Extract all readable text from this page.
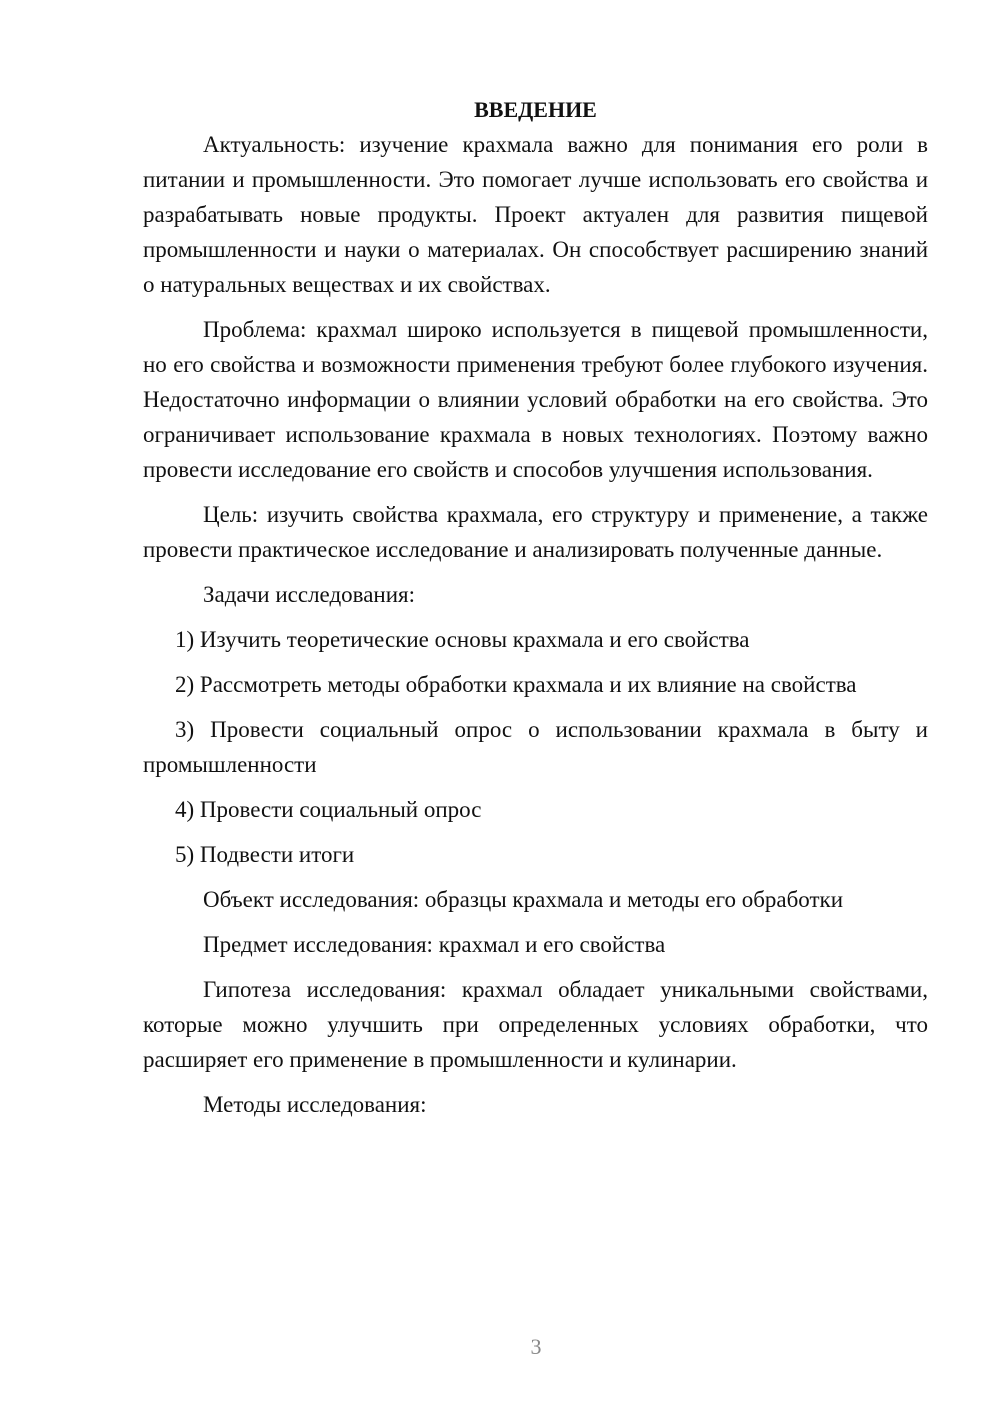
ВВЕДЕНИЕ

Актуальность: изучение крахмала важно для понимания его роли в питании и промышленности. Это помогает лучше использовать его свойства и разрабатывать новые продукты. Проект актуален для развития пищевой промышленности и науки о материалах. Он способствует расширению знаний о натуральных веществах и их свойствах.

Проблема: крахмал широко используется в пищевой промышленности, но его свойства и возможности применения требуют более глубокого изучения. Недостаточно информации о влиянии условий обработки на его свойства. Это ограничивает использование крахмала в новых технологиях. Поэтому важно провести исследование его свойств и способов улучшения использования.

Цель: изучить свойства крахмала, его структуру и применение, а также провести практическое исследование и анализировать полученные данные.

Задачи исследования:

1) Изучить теоретические основы крахмала и его свойства

2) Рассмотреть методы обработки крахмала и их влияние на свойства

3) Провести социальный опрос о использовании крахмала в быту и промышленности

4) Провести социальный опрос

5) Подвести итоги

Объект исследования: образцы крахмала и методы его обработки

Предмет исследования: крахмал и его свойства

Гипотеза исследования: крахмал обладает уникальными свойствами, которые можно улучшить при определенных условиях обработки, что расширяет его применение в промышленности и кулинарии.

Методы исследования:

3
